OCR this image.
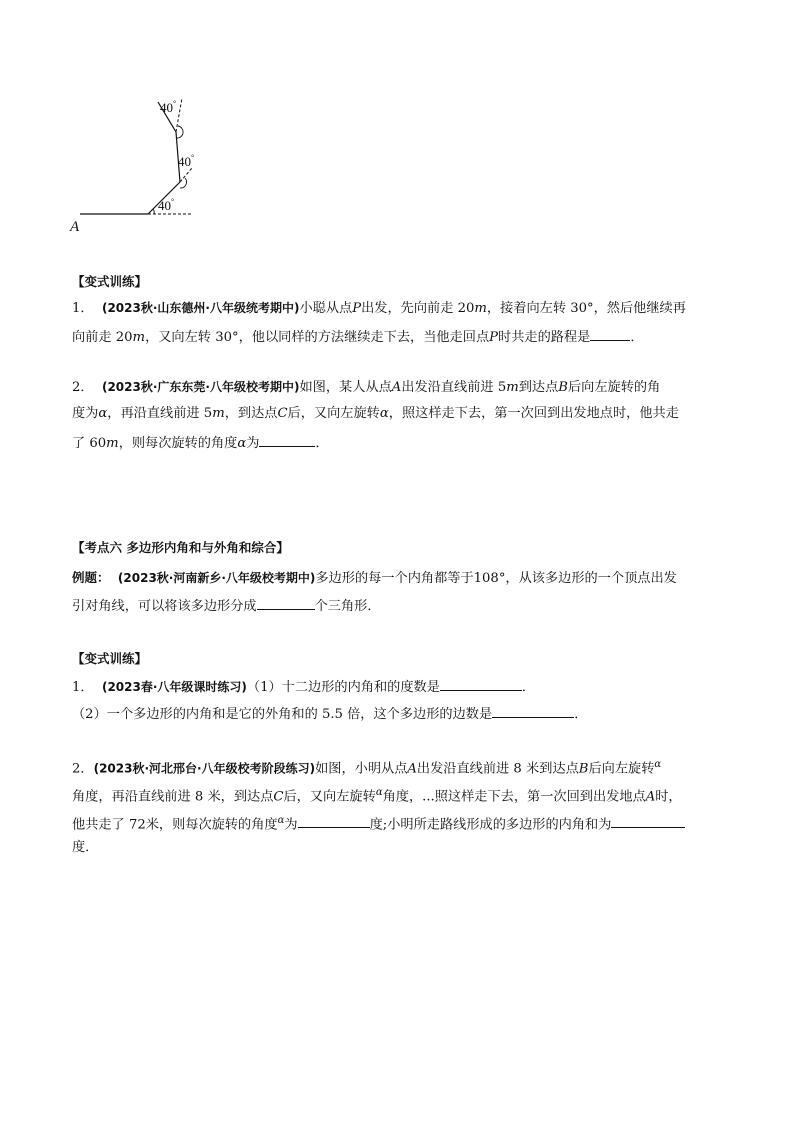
40°
40°
40°
A
【变式训练】
1． (2023秋·山东德州·八年级统考期中)小聪从点P出发，先向前走 20m，接着向左转 30°，然后他继续再
向前走 20m，又向左转 30°，他以同样的方法继续走下去，当他走回点P时共走的路程是	．
2． (2023秋·广东东莞·八年级校考期中)如图，某人从点A出发沿直线前进 5m到达点B后向左旋转的角
度为α，再沿直线前进 5m，到达点C后，又向左旋转α，照这样走下去，第一次回到出发地点时，他共走
了 60m，则每次旋转的角度α为	．
【考点六 多边形内角和与外角和综合】
例题： (2023秋·河南新乡·八年级校考期中)多边形的每一个内角都等于108°，从该多边形的一个顶点出发
引对角线，可以将该多边形分成	个三角形．
【变式训练】
1． (2023春·八年级课时练习)（1）十二边形的内角和的度数是	．
（2）一个多边形的内角和是它的外角和的 5.5 倍，这个多边形的边数是	．
2．(2023秋·河北邢台·八年级校考阶段练习)如图，小明从点A出发沿直线前进 8 米到达点B后向左旋转$^\alpha$
角度，再沿直线前进 8 米，到达点C后，又向左旋转$^\alpha$角度，...照这样走下去，第一次回到出发地点A时，
他共走了 72米，则每次旋转的角度$^\alpha$为	度;小明所走路线形成的多边形的内角和为
度．
